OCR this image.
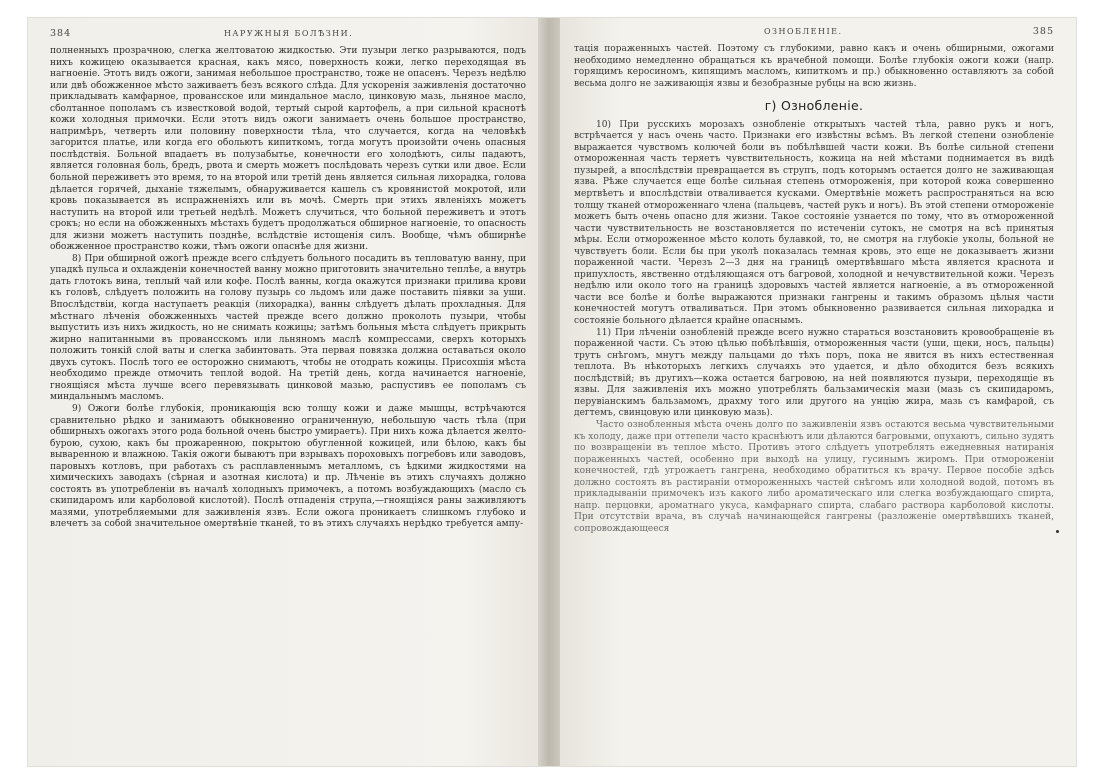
384	НАРУЖНЫЯ БОЛѢЗНИ.

полненныхъ прозрачною, слегка желтоватою жидкостью. Эти пузыри легко разрываются, подъ нихъ кожицею оказывается красная, какъ мясо, поверхность кожи, легко переходящая въ нагноеніе. Этотъ видъ ожоги, занимая небольшое пространство, тоже не опасенъ. Черезъ недѣлю или двѣ обожженное мѣсто заживаетъ безъ всякого слѣда. Для ускоренія заживленія достаточно прикладывать камфарное, провансское или миндальное масло, цинковую мазь, льняное масло, сболтанное пополамъ съ известковой водой, тертый сырой картофель, а при сильной краснотѣ кожи холодныя примочки. Если этотъ видъ ожоги занимаетъ очень большое пространство, напримѣръ, четверть или половину поверхности тѣла, что случается, когда на человѣкѣ загорится платье, или когда его обольютъ кипиткомъ, тогда могутъ произойти очень опасныя послѣдствія. Больной впадаетъ въ полузабытье, конечности его холодѣютъ, силы падаютъ, является головная боль, бредъ, рвота и смерть можетъ послѣдовать черезъ сутки или двое. Если больной переживетъ это время, то на второй или третій день является сильная лихорадка, голова дѣлается горячей, дыханіе тяжелымъ, обнаруживается кашель съ кровянистой мокротой, или кровь показывается въ испражненіяхъ или въ мочѣ. Смерть при этихъ явленіяхъ можетъ наступить на второй или третьей недѣлѣ. Можетъ случиться, что больной переживетъ и этотъ срокъ; но если на обожженныхъ мѣстахъ будетъ продолжаться обширное нагноеніе, то опасность для жизни можетъ наступить позднѣе, вслѣдствіе истощенія силъ. Вообще, чѣмъ обширнѣе обожженное пространство кожи, тѣмъ ожоги опаснѣе для жизни.

8) При обширной ожогѣ прежде всего слѣдуетъ больного посадить въ тепловатую ванну, при упадкѣ пульса и охлажденіи конечностей ванну можно приготовить значительно теплѣе, а внутрь дать глотокъ вина, теплый чай или кофе. Послѣ ванны, когда окажутся признаки прилива крови къ головѣ, слѣдуетъ положить на голову пузырь со льдомъ или даже поставить піявки за уши. Впослѣдствіи, когда наступаетъ реакція (лихорадка), ванны слѣдуетъ дѣлать прохладныя. Для мѣстнаго лѣченія обожженныхъ частей прежде всего должно проколоть пузыри, чтобы выпустить изъ нихъ жидкость, но не снимать кожицы; затѣмъ больныя мѣста слѣдуетъ прикрыть жирно напитанными въ провансскомъ или льняномъ маслѣ компрессами, сверхъ которыхъ положить тонкій слой ваты и слегка забинтовать. Эта первая повязка должна оставаться около двухъ сутокъ. Послѣ того ее осторожно снимаютъ, чтобы не отодрать кожицы. Присохшія мѣста необходимо прежде отмочить теплой водой. На третій день, когда начинается нагноеніе, гноящіяся мѣста лучше всего перевязывать цинковой мазью, распустивъ ее пополамъ съ миндальнымъ масломъ.

9) Ожоги болѣе глубокія, проникающія всю толщу кожи и даже мышцы, встрѣчаются сравнительно рѣдко и занимаютъ обыкновенно ограниченную, небольшую часть тѣла (при обширныхъ ожогахъ этого рода больной очень быстро умираетъ). При нихъ кожа дѣлается желто-бурою, сухою, какъ бы прожаренною, покрытою обугленной кожицей, или бѣлою, какъ бы вываренною и влажною. Такія ожоги бываютъ при взрывахъ пороховыхъ погребовъ или заводовъ, паровыхъ котловъ, при работахъ съ расплавленнымъ металломъ, съ ѣдкими жидкостями на химическихъ заводахъ (сѣрная и азотная кислота) и пр. Лѣченіе въ этихъ случаяхъ должно состоять въ употребленіи въ началѣ холодныхъ примочекъ, а потомъ возбуждающихъ (масло съ скипидаромъ или карболовой кислотой). Послѣ отпаденія струпа,—гноящіяся раны заживляютъ мазями, употребляемыми для заживленія язвъ. Если ожога проникаетъ слишкомъ глубоко и влечетъ за собой значительное омертвѣніе тканей, то въ этихъ случаяхъ нерѣдко требуется ампу-

ОЗНОБЛЕНІЕ.	385

тація пораженныхъ частей. Поэтому съ глубокими, равно какъ и очень обширными, ожогами необходимо немедленно обращаться къ врачебной помощи. Болѣе глубокія ожоги кожи (напр. горящимъ керосиномъ, кипящимъ масломъ, кипиткомъ и пр.) обыкновенно оставляютъ за собой весьма долго не заживающія язвы и безобразные рубцы на всю жизнь.

г) Ознобленіе.

10) При русскихъ морозахъ ознобленіе открытыхъ частей тѣла, равно рукъ и ногъ, встрѣчается у насъ очень часто. Признаки его извѣстны всѣмъ. Въ легкой степени ознобленіе выражается чувствомъ колючей боли въ побѣлѣвшей части кожи. Въ болѣе сильной степени отмороженная часть теряетъ чувствительность, кожица на ней мѣстами поднимается въ видѣ пузырей, а впослѣдствіи превращается въ струпъ, подъ которымъ остается долго не заживающая язва. Рѣже случается еще болѣе сильная степень отмороженія, при которой кожа совершенно мертвѣетъ и впослѣдствіи отваливается кусками. Омертвѣніе можетъ распространяться на всю толщу тканей отмороженнаго члена (пальцевъ, частей рукъ и ногъ). Въ этой степени отмороженіе можетъ быть очень опасно для жизни. Такое состояніе узнается по тому, что въ отмороженной части чувствительность не возстановляется по истеченіи сутокъ, не смотря на всѣ принятыя мѣры. Если отмороженное мѣсто колоть булавкой, то, не смотря на глубокіе уколы, больной не чувствуетъ боли. Если бы при уколѣ показалась темная кровь, это еще не доказываетъ жизни пораженной части. Черезъ 2—3 дня на границѣ омертвѣвшаго мѣста является краснота и припухлость, явственно отдѣляющаяся отъ багровой, холодной и нечувствительной кожи. Черезъ недѣлю или около того на границѣ здоровыхъ частей является нагноеніе, а въ отмороженной части все болѣе и болѣе выражаются признаки гангрены и такимъ образомъ цѣлыя части конечностей могутъ отваливаться. При этомъ обыкновенно развивается сильная лихорадка и состояніе больного дѣлается крайне опаснымъ.

11) При лѣченіи ознобленій прежде всего нужно стараться возстановить кровообращеніе въ пораженной части. Съ этою цѣлью побѣлѣвшія, отмороженныя части (уши, щеки, носъ, пальцы) трутъ снѣгомъ, мнутъ между пальцами до тѣхъ поръ, пока не явится въ нихъ естественная теплота. Въ нѣкоторыхъ легкихъ случаяхъ это удается, и дѣло обходится безъ всякихъ послѣдствій; въ другихъ—кожа остается багровою, на ней появляются пузыри, переходящіе въ язвы. Для заживленія ихъ можно употреблять бальзамическія мази (мазь съ скипидаромъ, перувіанскимъ бальзамомъ, драхму того или другого на унцію жира, мазь съ камфарой, съ дегтемъ, свинцовую или цинковую мазь).

Часто ознобленныя мѣста очень долго по заживленіи язвъ остаются весьма чувствительными къ холоду, даже при оттепели часто краснѣютъ или дѣлаются багровыми, опухаютъ, сильно зудятъ по возвращеніи въ теплое мѣсто. Противъ этого слѣдуетъ употреблять ежедневныя натиранія пораженныхъ частей, особенно при выходѣ на улицу, гусинымъ жиромъ. При отмороженіи конечностей, гдѣ угрожаетъ гангрена, необходимо обратиться къ врачу. Первое пособіе здѣсь должно состоять въ растираніи отмороженныхъ частей снѣгомъ или холодной водой, потомъ въ прикладываніи примочекъ изъ какого либо ароматическаго или слегка возбуждающаго спирта, напр. перцовки, ароматнаго укуса, камфарнаго спирта, слабаго раствора карболовой кислоты. При отсутствіи врача, въ случаѣ начинающейся гангрены (разложеніе омертвѣвшихъ тканей, сопровождающееся
